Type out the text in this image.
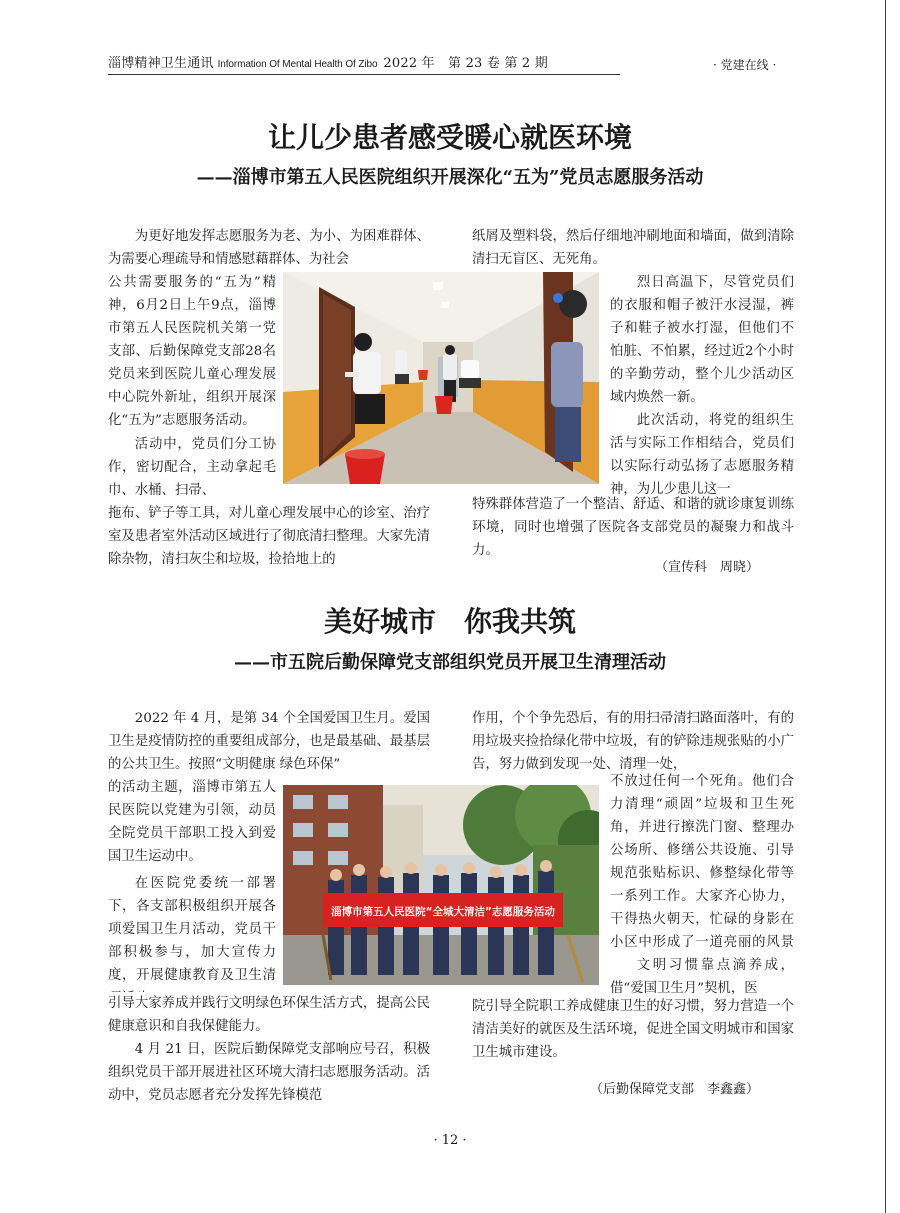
淄博精神卫生通讯 Information Of Mental Health Of Zibo 2022 年　第 23 卷 第 2 期	· 党建在线 ·
让儿少患者感受暖心就医环境
——淄博市第五人民医院组织开展深化“五为”党员志愿服务活动
为更好地发挥志愿服务为老、为小、为困难群体、为需要心理疏导和情感慰藉群体、为社会
公共需要服务的“五为”精神，6月2日上午9点，淄博市第五人民医院机关第一党支部、后勤保障党支部28名党员来到医院儿童心理发展中心院外新址，组织开展深化“五为”志愿服务活动。
活动中，党员们分工协作，密切配合，主动拿起毛巾、水桶、扫帚、
拖布、铲子等工具，对儿童心理发展中心的诊室、治疗室及患者室外活动区域进行了彻底清扫整理。大家先清除杂物，清扫灰尘和垃圾，捡拾地上的
纸屑及塑料袋，然后仔细地冲刷地面和墙面，做到清除清扫无盲区、无死角。
烈日高温下，尽管党员们的衣服和帽子被汗水浸湿，裤子和鞋子被水打湿，但他们不怕脏、不怕累，经过近2个小时的辛勤劳动，整个儿少活动区域内焕然一新。
此次活动，将党的组织生活与实际工作相结合，党员们以实际行动弘扬了志愿服务精神，为儿少患儿这一
特殊群体营造了一个整洁、舒适、和谐的就诊康复训练环境，同时也增强了医院各支部党员的凝聚力和战斗力。
（宣传科　周晓）
美好城市　你我共筑
——市五院后勤保障党支部组织党员开展卫生清理活动
2022 年 4 月，是第 34 个全国爱国卫生月。爱国卫生是疫情防控的重要组成部分，也是最基础、最基层的公共卫生。按照“文明健康 绿色环保”
的活动主题，淄博市第五人民医院以党建为引领，动员全院党员干部职工投入到爱国卫生运动中。
在医院党委统一部署下，各支部积极组织开展各项爱国卫生月活动，党员干部积极参与，加大宣传力度，开展健康教育及卫生清
引导大家养成并践行文明绿色环保生活方式，提高公民健康意识和自我保健能力。
4 月 21 日，医院后勤保障党支部响应号召，积极组织党员干部开展进社区环境大清扫志愿服务活动。活动中，党员志愿者充分发挥先锋模范
作用，个个争先恐后，有的用扫帚清扫路面落叶，有的用垃圾夹捡拾绿化带中垃圾，有的铲除违规张贴的小广告，努力做到发现一处、清理一处，
不放过任何一个死角。他们合力清理“顽固”垃圾和卫生死角，并进行擦洗门窗、整理办公场所、修缮公共设施、引导规范张贴标识、修整绿化带等一系列工作。大家齐心协力，干得热火朝天，忙碌的身影在小区中形成了一道亮丽的风景
文明习惯靠点滴养成，借“爱国卫生月”契机，医
院引导全院职工养成健康卫生的好习惯，努力营造一个清洁美好的就医及生活环境，促进全国文明城市和国家卫生城市建设。
（后勤保障党支部　李鑫鑫）
淄博市第五人民医院“全城大清洁”志愿服务活动
· 12 ·
